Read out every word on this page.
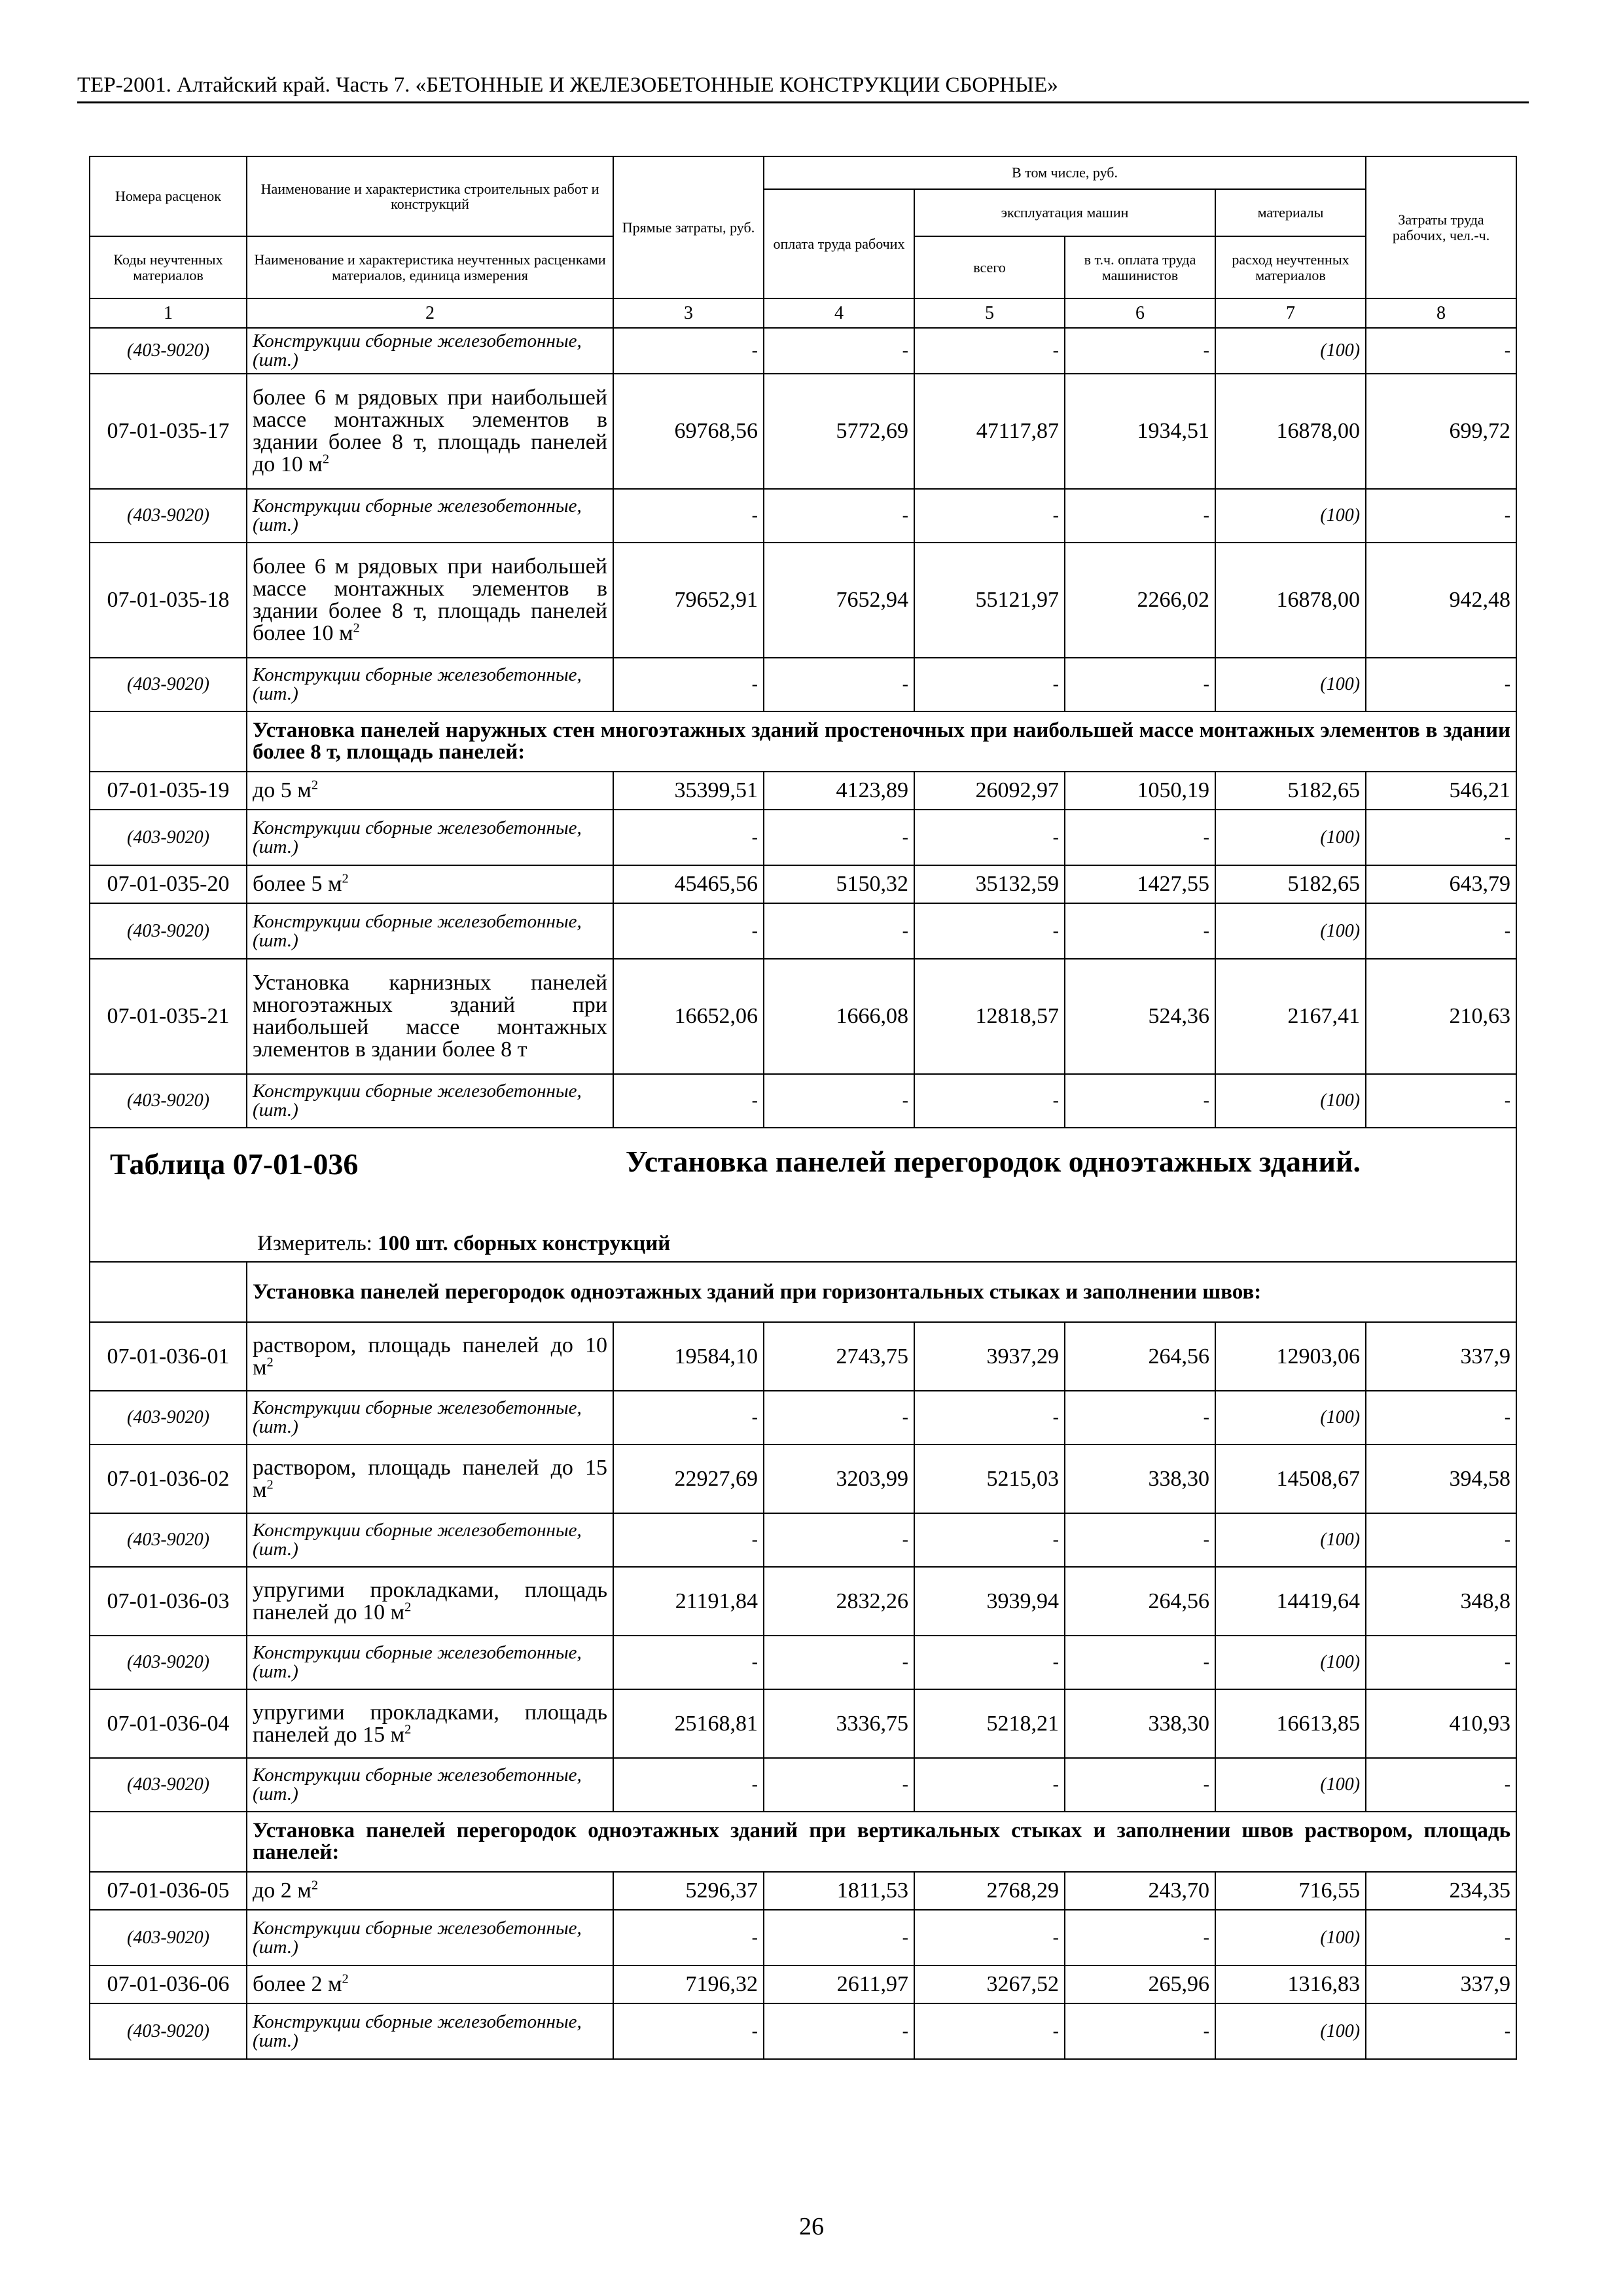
ТЕР-2001. Алтайский край. Часть 7. «БЕТОННЫЕ И ЖЕЛЕЗОБЕТОННЫЕ КОНСТРУКЦИИ СБОРНЫЕ»
Номера расценок	Наименование и характеристика строительных работ и конструкций	Прямые затраты, руб.	В том числе, руб.				Затраты труда рабочих, чел.-ч.
			оплата труда рабочих	эксплуатация машин		материалы	
Коды неучтенных материалов	Наименование и характеристика неучтенных расценками материалов, единица измерения			всего	в т.ч. оплата труда машинистов	расход неучтенных материалов	
1	2	3	4	5	6	7	8
(403-9020)	Конструкции сборные железобетонные, (шт.)	-	-	-	-	(100)	-
07-01-035-17	более 6 м рядовых при наибольшей массе монтажных элементов в здании более 8 т, площадь панелей до 10 $м^2$	69768,56	5772,69	47117,87	1934,51	16878,00	699,72
(403-9020)	Конструкции сборные железобетонные, (шт.)	-	-	-	-	(100)	-
07-01-035-18	более 6 м рядовых при наибольшей массе монтажных элементов в здании более 8 т, площадь панелей более 10 $м^2$	79652,91	7652,94	55121,97	2266,02	16878,00	942,48
(403-9020)	Конструкции сборные железобетонные, (шт.)	-	-	-	-	(100)	-
	Установка панелей наружных стен многоэтажных зданий простеночных при наибольшей массе монтажных элементов в здании более 8 т, площадь панелей:						
07-01-035-19	до 5 $м^2$	35399,51	4123,89	26092,97	1050,19	5182,65	546,21
(403-9020)	Конструкции сборные железобетонные, (шт.)	-	-	-	-	(100)	-
07-01-035-20	более 5 $м^2$	45465,56	5150,32	35132,59	1427,55	5182,65	643,79
(403-9020)	Конструкции сборные железобетонные, (шт.)	-	-	-	-	(100)	-
07-01-035-21	Установка карнизных панелей многоэтажных зданий при наибольшей массе монтажных элементов в здании более 8 т	16652,06	1666,08	12818,57	524,36	2167,41	210,63
(403-9020)	Конструкции сборные железобетонные, (шт.)	-	-	-	-	(100)	-

Таблица 07-01-036 Установка панелей перегородок одноэтажных зданий.
Измеритель: 100 шт. сборных конструкций							

	Установка панелей перегородок одноэтажных зданий при горизонтальных стыках и заполнении швов:						
07-01-036-01	раствором, площадь панелей до 10 $м^2$	19584,10	2743,75	3937,29	264,56	12903,06	337,9
(403-9020)	Конструкции сборные железобетонные, (шт.)	-	-	-	-	(100)	-
07-01-036-02	раствором, площадь панелей до 15 $м^2$	22927,69	3203,99	5215,03	338,30	14508,67	394,58
(403-9020)	Конструкции сборные железобетонные, (шт.)	-	-	-	-	(100)	-
07-01-036-03	упругими прокладками, площадь панелей до 10 $м^2$	21191,84	2832,26	3939,94	264,56	14419,64	348,8
(403-9020)	Конструкции сборные железобетонные, (шт.)	-	-	-	-	(100)	-
07-01-036-04	упругими прокладками, площадь панелей до 15 $м^2$	25168,81	3336,75	5218,21	338,30	16613,85	410,93
(403-9020)	Конструкции сборные железобетонные, (шт.)	-	-	-	-	(100)	-
	Установка панелей перегородок одноэтажных зданий при вертикальных стыках и заполнении швов раствором, площадь панелей:						
07-01-036-05	до 2 $м^2$	5296,37	1811,53	2768,29	243,70	716,55	234,35
(403-9020)	Конструкции сборные железобетонные, (шт.)	-	-	-	-	(100)	-
07-01-036-06	более 2 $м^2$	7196,32	2611,97	3267,52	265,96	1316,83	337,9
(403-9020)	Конструкции сборные железобетонные, (шт.)	-	-	-	-	(100)	-
26
